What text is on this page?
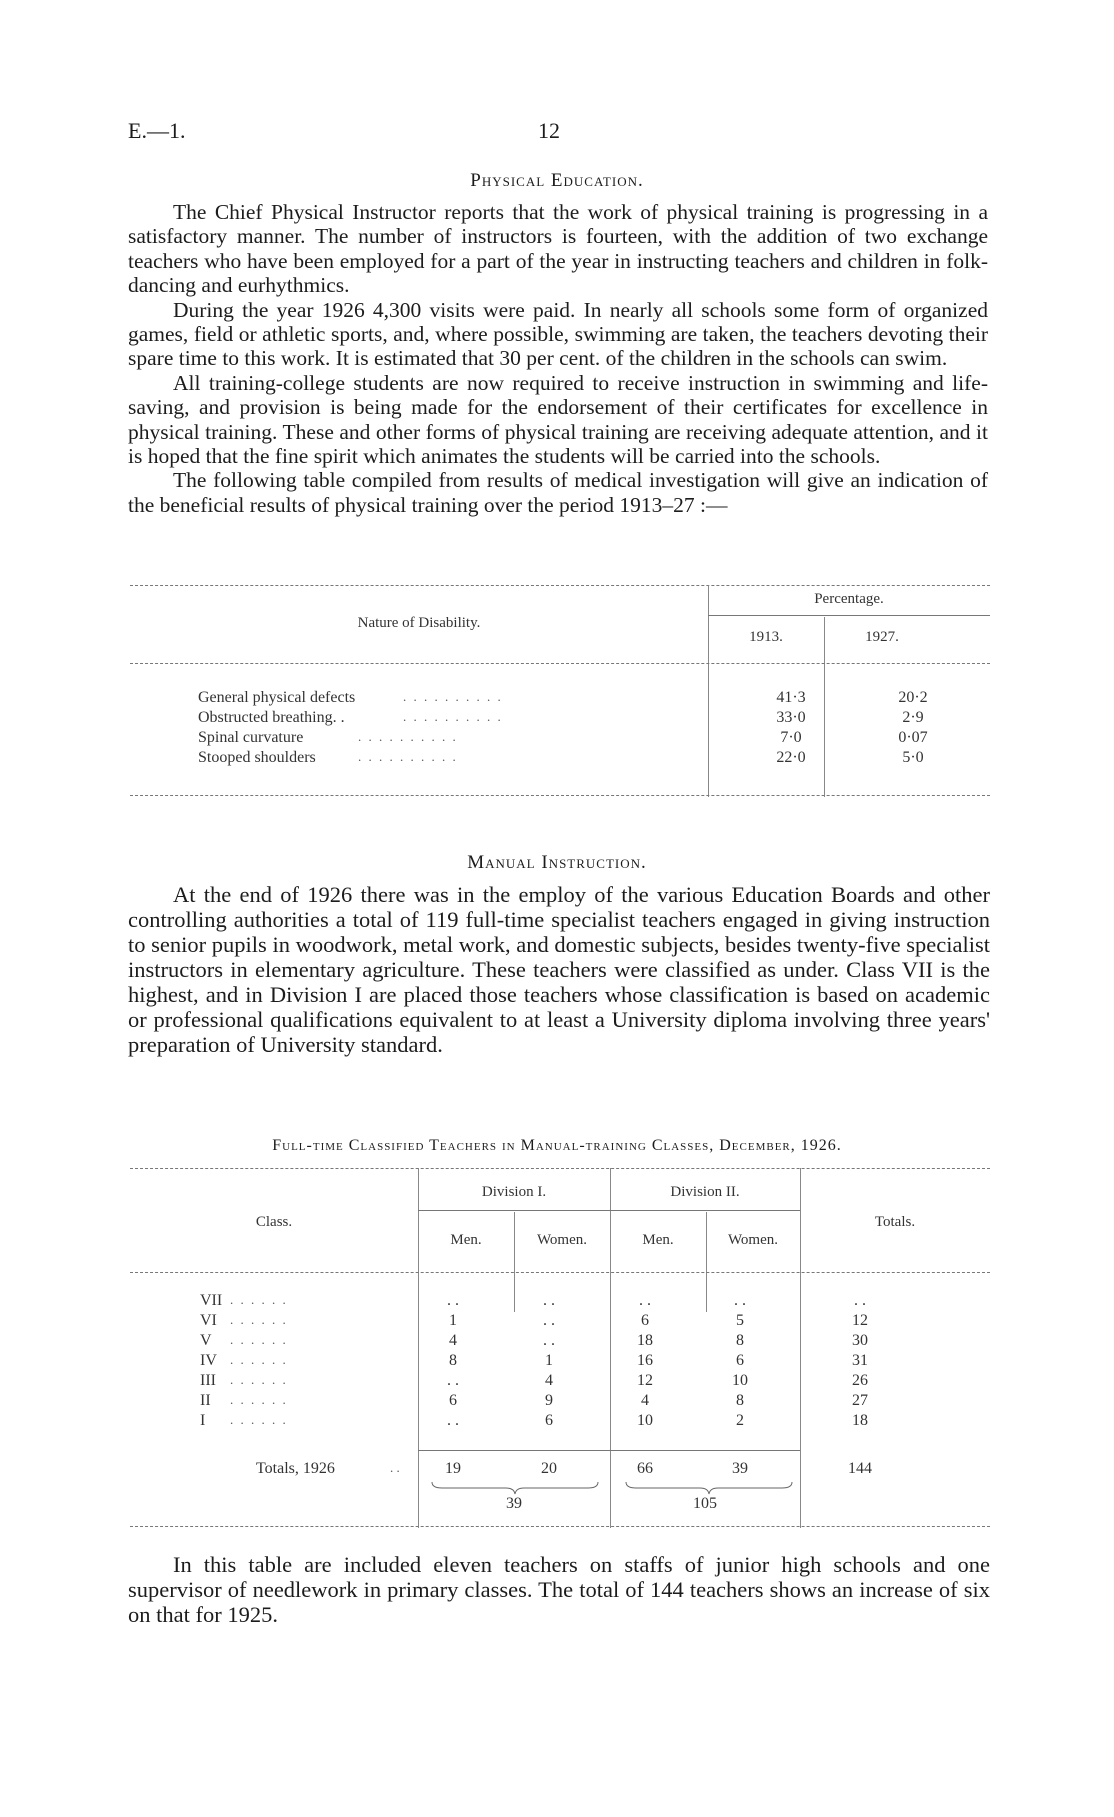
E.—1.	12
Physical Education.

The Chief Physical Instructor reports that the work of physical training is progressing in a satisfactory manner. The number of instructors is fourteen, with the addition of two exchange teachers who have been employed for a part of the year in instructing teachers and children in folk-dancing and eurhythmics.

During the year 1926 4,300 visits were paid. In nearly all schools some form of organized games, field or athletic sports, and, where possible, swimming are taken, the teachers devoting their spare time to this work. It is estimated that 30 per cent. of the children in the schools can swim.

All training-college students are now required to receive instruction in swimming and life-saving, and provision is being made for the endorsement of their certificates for excellence in physical training. These and other forms of physical training are receiving adequate attention, and it is hoped that the fine spirit which animates the students will be carried into the schools.

The following table compiled from results of medical investigation will give an indication of the beneficial results of physical training over the period 1913–27 :—

Nature of Disability.
Percentage.
1913.	1927.
General physical defects	. . . . . . . . . .	41·3	20·2
Obstructed breathing. .	. . . . . . . . . .	33·0	2·9
Spinal curvature	. . . . . . . . . .	7·0	0·07
Stooped shoulders	. . . . . . . . . .	22·0	5·0
Manual Instruction.

At the end of 1926 there was in the employ of the various Education Boards and other controlling authorities a total of 119 full-time specialist teachers engaged in giving instruction to senior pupils in woodwork, metal work, and domestic subjects, besides twenty-five specialist instructors in elementary agriculture. These teachers were classified as under. Class VII is the highest, and in Division I are placed those teachers whose classification is based on academic or professional qualifications equivalent to at least a University diploma involving three years' preparation of University standard.

Full-time Classified Teachers in Manual-training Classes, December, 1926.
Class.
Division I.	Division II.
Totals.
Men.	Women.	Men.	Women.
VII . . . . . .	. .	. .	. .	. .	. .
VI	. . . . . .	1	. .	6	5	12
V	. . . . . .	4	. .	18	8	30
IV	. . . . . .	8	1	16	6	31
III	. . . . . .	. .	4	12	10	26
II	. . . . . .	6	9	4	8	27
I	. . . . . .	. .	6	10	2	18
Totals, 1926	. .	19	20	66	39	144
39	105

In this table are included eleven teachers on staffs of junior high schools and one supervisor of needlework in primary classes. The total of 144 teachers shows an increase of six on that for 1925.
